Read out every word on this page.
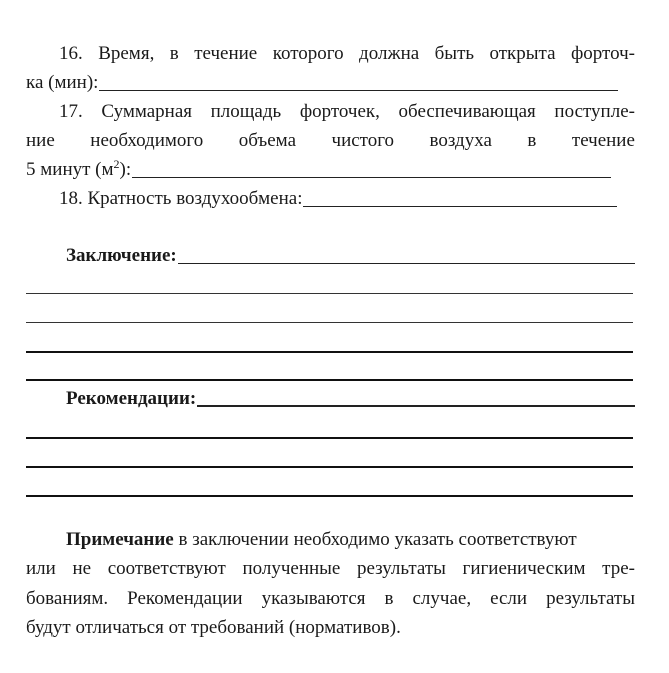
16. Время, в течение которого должна быть открыта форточ-
ка (мин):
17. Суммарная площадь форточек, обеспечивающая поступле-
ние необходимого объема чистого воздуха в течение
5 минут $(м^2)$:
18. Кратность воздухообмена:
Заключение:
Рекомендации:
Примечание в заключении необходимо указать соответствуют
или не соответствуют полученные результаты гигиеническим тре-
бованиям. Рекомендации указываются в случае, если результаты
будут отличаться от требований (нормативов).
